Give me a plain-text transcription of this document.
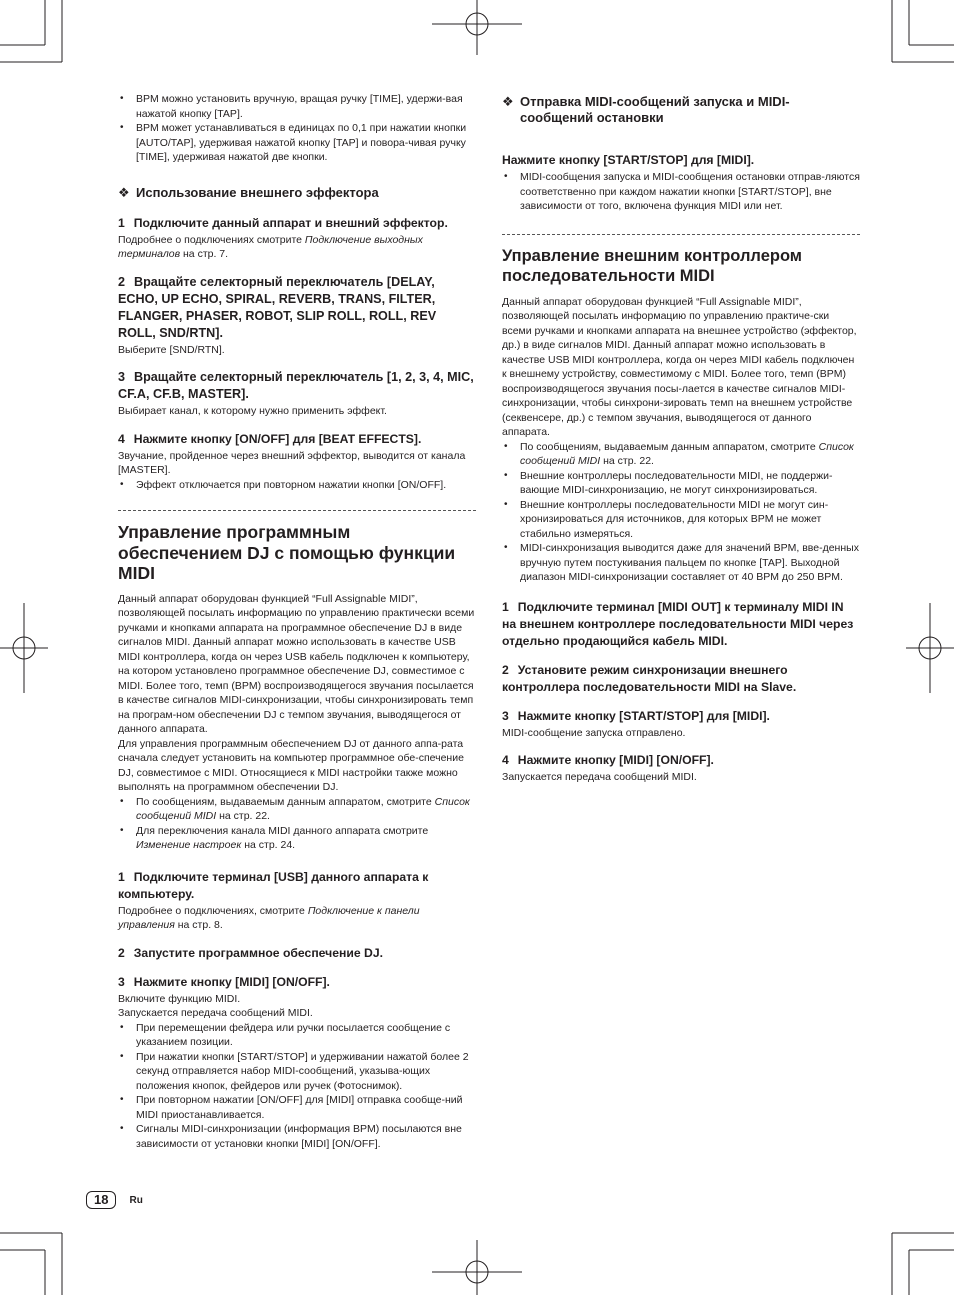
• BPM можно установить вручную, вращая ручку [TIME], удержи-вая нажатой кнопку [TAP].
• BPM может устанавливаться в единицах по 0,1 при нажатии кнопки [AUTO/TAP], удерживая нажатой кнопку [TAP] и повора-чивая ручку [TIME], удерживая нажатой две кнопки.
❖ Использование внешнего эффектора
1 Подключите данный аппарат и внешний эффектор.

Подробнее о подключениях смотрите Подключение выходных терминалов на стр. 7.

2 Вращайте селекторный переключатель [DELAY, ECHO, UP ECHO, SPIRAL, REVERB, TRANS, FILTER, FLANGER, PHASER, ROBOT, SLIP ROLL, ROLL, REV ROLL, SND/RTN].

Выберите [SND/RTN].

3 Вращайте селекторный переключатель [1, 2, 3, 4, MIC, CF.A, CF.B, MASTER].

Выбирает канал, к которому нужно применить эффект.

4 Нажмите кнопку [ON/OFF] для [BEAT EFFECTS].

Звучание, пройденное через внешний эффектор, выводится от канала [MASTER].

• Эффект отключается при повторном нажатии кнопки [ON/OFF].
Управление программным обеспечением DJ с помощью функции MIDI

Данный аппарат оборудован функцией “Full Assignable MIDI”, позволяющей посылать информацию по управлению практически всеми ручками и кнопками аппарата на программное обеспечение DJ в виде сигналов MIDI. Данный аппарат можно использовать в качестве USB MIDI контроллера, когда он через USB кабель подключен к компьютеру, на котором установлено программное обеспечение DJ, совместимое с MIDI. Более того, темп (BPM) воспроизводящегося звучания посылается в качестве сигналов MIDI-синхронизации, чтобы синхронизировать темп на програм-ном обеспечении DJ с темпом звучания, выводящегося от данного аппарата.

Для управления программным обеспечением DJ от данного аппа-рата сначала следует установить на компьютер программное обе-спечение DJ, совместимое с MIDI. Относящиеся к MIDI настройки также можно выполнять на программном обеспечении DJ.

• По сообщениям, выдаваемым данным аппаратом, смотрите Список сообщений MIDI на стр. 22.
• Для переключения канала MIDI данного аппарата смотрите Изменение настроек на стр. 24.
1 Подключите терминал [USB] данного аппарата к компьютеру.

Подробнее о подключениях, смотрите Подключение к панели управления на стр. 8.

2 Запустите программное обеспечение DJ.
3 Нажмите кнопку [MIDI] [ON/OFF].

Включите функцию MIDI.

Запускается передача сообщений MIDI.

• При перемещении фейдера или ручки посылается сообщение с указанием позиции.
• При нажатии кнопки [START/STOP] и удерживании нажатой более 2 секунд отправляется набор MIDI-сообщений, указыва-ющих положения кнопок, фейдеров или ручек (Фотоснимок).
• При повторном нажатии [ON/OFF] для [MIDI] отправка сообще-ний MIDI приостанавливается.
• Сигналы MIDI-синхронизации (информация BPM) посылаются вне зависимости от установки кнопки [MIDI] [ON/OFF].
❖ Отправка MIDI-сообщений запуска и MIDI-сообщений остановки
Нажмите кнопку [START/STOP] для [MIDI].
• MIDI-сообщения запуска и MIDI-сообщения остановки отправ-ляются соответственно при каждом нажатии кнопки [START/STOP], вне зависимости от того, включена функция MIDI или нет.
Управление внешним контроллером последовательности MIDI

Данный аппарат оборудован функцией “Full Assignable MIDI”, позволяющей посылать информацию по управлению практиче-ски всеми ручками и кнопками аппарата на внешнее устройство (эффектор, др.) в виде сигналов MIDI. Данный аппарат можно использовать в качестве USB MIDI контроллера, когда он через MIDI кабель подключен к внешнему устройству, совместимому с MIDI. Более того, темп (BPM) воспроизводящегося звучания посы-лается в качестве сигналов MIDI-синхронизации, чтобы синхрони-зировать темп на внешнем устройстве (секвенсере, др.) с темпом звучания, выводящегося от данного аппарата.

• По сообщениям, выдаваемым данным аппаратом, смотрите Список сообщений MIDI на стр. 22.
• Внешние контроллеры последовательности MIDI, не поддержи-вающие MIDI-синхронизацию, не могут синхронизироваться.
• Внешние контроллеры последовательности MIDI не могут син-хронизироваться для источников, для которых BPM не может стабильно измеряться.
• MIDI-синхронизация выводится даже для значений BPM, вве-денных вручную путем постукивания пальцем по кнопке [TAP]. Выходной диапазон MIDI-синхронизации составляет от 40 BPM до 250 BPM.
1 Подключите терминал [MIDI OUT] к терминалу MIDI IN на внешнем контроллере последовательности MIDI через отдельно продающийся кабель MIDI.
2 Установите режим синхронизации внешнего контроллера последовательности MIDI на Slave.
3 Нажмите кнопку [START/STOP] для [MIDI].

MIDI-сообщение запуска отправлено.

4 Нажмите кнопку [MIDI] [ON/OFF].

Запускается передача сообщений MIDI.

18	Ru
